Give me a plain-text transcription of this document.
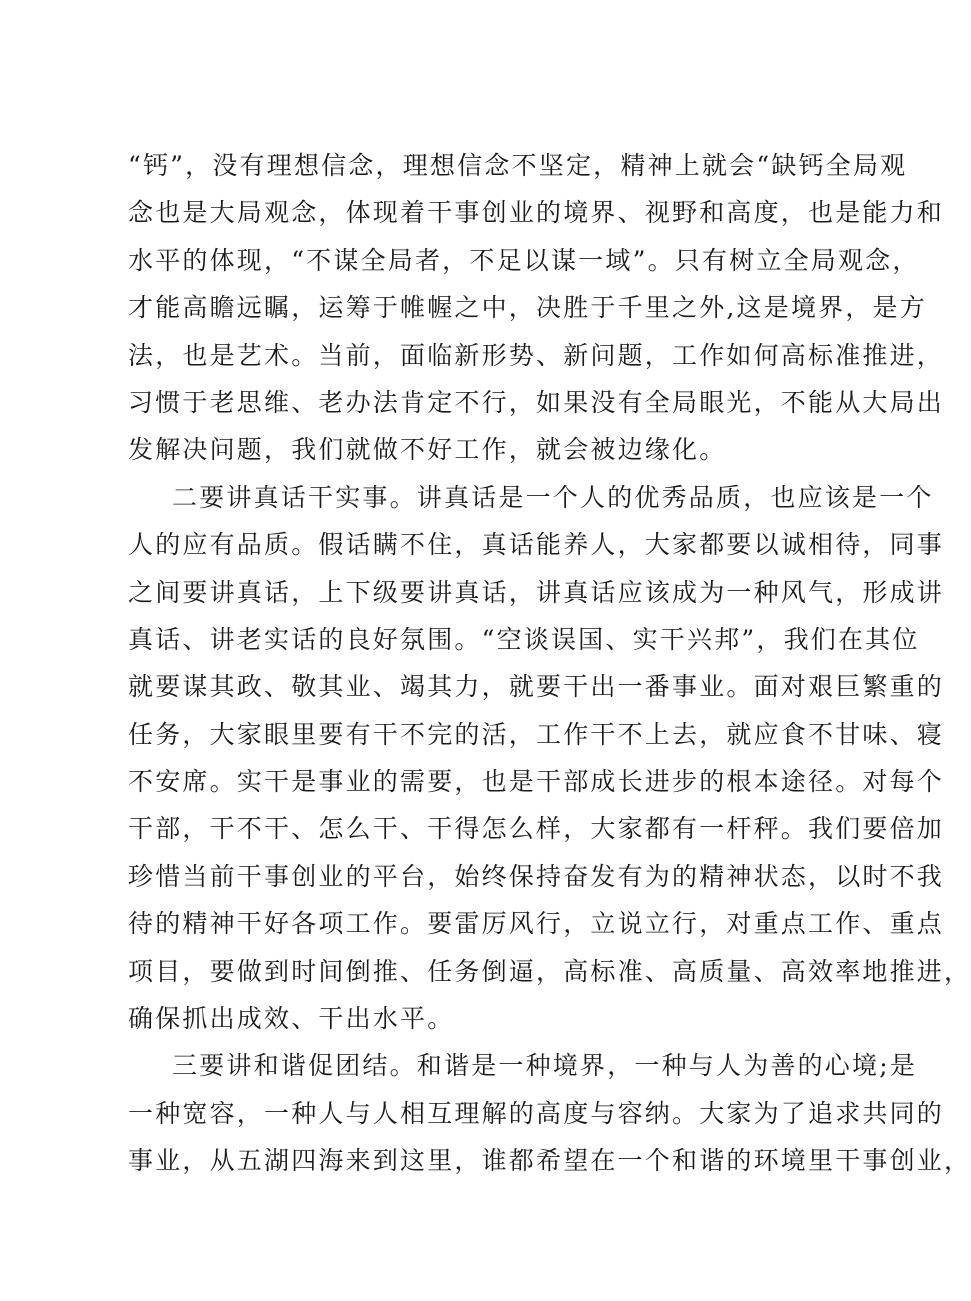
“钙”，没有理想信念，理想信念不坚定，精神上就会“缺钙全局观
念也是大局观念，体现着干事创业的境界、视野和高度，也是能力和
水平的体现，“不谋全局者，不足以谋一域”。只有树立全局观念，
才能高瞻远瞩，运筹于帷幄之中，决胜于千里之外,这是境界，是方
法，也是艺术。当前，面临新形势、新问题，工作如何高标准推进，
习惯于老思维、老办法肯定不行，如果没有全局眼光，不能从大局出
发解决问题，我们就做不好工作，就会被边缘化。
二要讲真话干实事。讲真话是一个人的优秀品质，也应该是一个
人的应有品质。假话瞒不住，真话能养人，大家都要以诚相待，同事
之间要讲真话，上下级要讲真话，讲真话应该成为一种风气，形成讲
真话、讲老实话的良好氛围。“空谈误国、实干兴邦”，我们在其位
就要谋其政、敬其业、竭其力，就要干出一番事业。面对艰巨繁重的
任务，大家眼里要有干不完的活，工作干不上去，就应食不甘味、寝
不安席。实干是事业的需要，也是干部成长进步的根本途径。对每个
干部，干不干、怎么干、干得怎么样，大家都有一杆秤。我们要倍加
珍惜当前干事创业的平台，始终保持奋发有为的精神状态，以时不我
待的精神干好各项工作。要雷厉风行，立说立行，对重点工作、重点
项目，要做到时间倒推、任务倒逼，高标准、高质量、高效率地推进，
确保抓出成效、干出水平。
三要讲和谐促团结。和谐是一种境界，一种与人为善的心境;是
一种宽容，一种人与人相互理解的高度与容纳。大家为了追求共同的
事业，从五湖四海来到这里，谁都希望在一个和谐的环境里干事创业，
